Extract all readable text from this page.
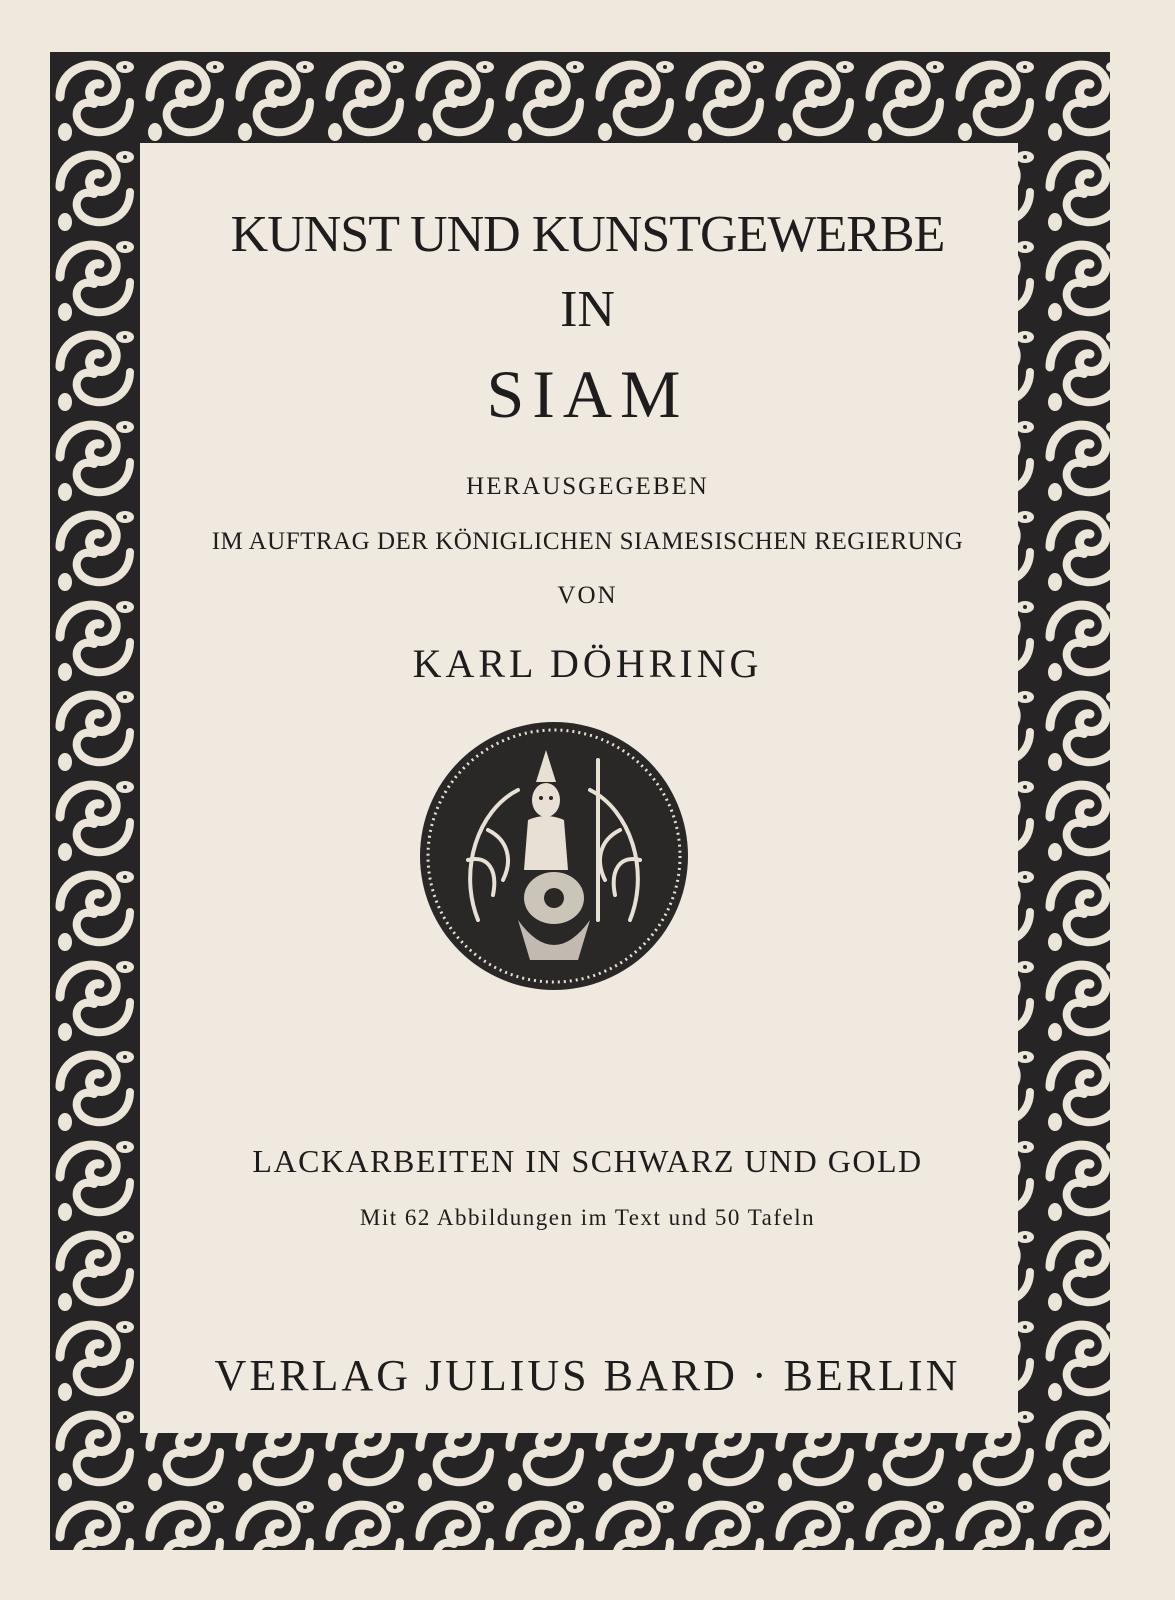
KUNST UND KUNSTGEWERBE
IN
SIAM
HERAUSGEGEBEN
IM AUFTRAG DER KÖNIGLICHEN SIAMESISCHEN REGIERUNG
VON
KARL DÖHRING
LACKARBEITEN IN SCHWARZ UND GOLD
Mit 62 Abbildungen im Text und 50 Tafeln
VERLAG JULIUS BARD · BERLIN
